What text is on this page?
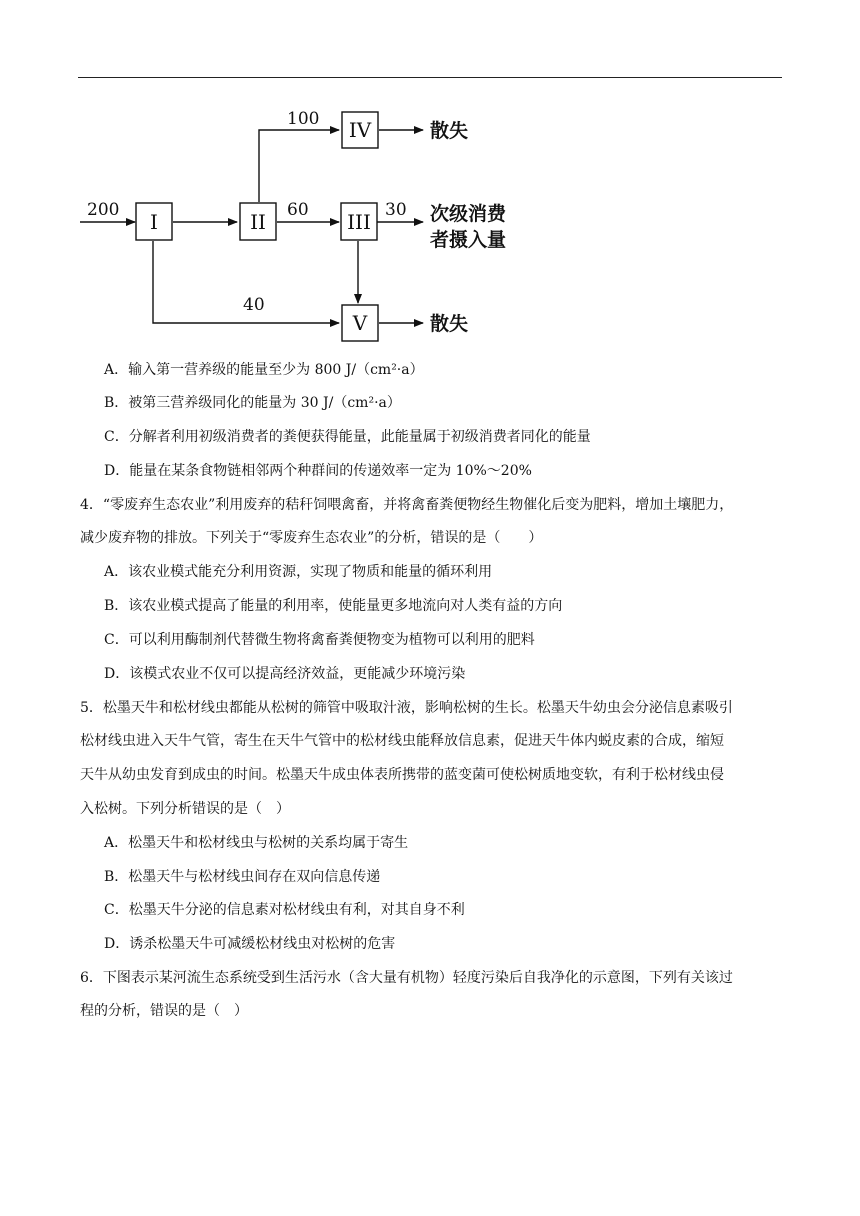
I	II	III
IV
V
200
100
60	30
40
散失
次级消费
者摄入量
散失
A．输入第一营养级的能量至少为 800 J/（cm²·a）
B．被第三营养级同化的能量为 30 J/（cm²·a）
C．分解者利用初级消费者的粪便获得能量，此能量属于初级消费者同化的能量
D．能量在某条食物链相邻两个种群间的传递效率一定为 10%～20%
4．“零废弃生态农业”利用废弃的秸秆饲喂禽畜，并将禽畜粪便物经生物催化后变为肥料，增加土壤肥力，
减少废弃物的排放。下列关于“零废弃生态农业”的分析，错误的是（　　）
A．该农业模式能充分利用资源，实现了物质和能量的循环利用
B．该农业模式提高了能量的利用率，使能量更多地流向对人类有益的方向
C．可以利用酶制剂代替微生物将禽畜粪便物变为植物可以利用的肥料
D．该模式农业不仅可以提高经济效益，更能减少环境污染
5．松墨天牛和松材线虫都能从松树的筛管中吸取汁液，影响松树的生长。松墨天牛幼虫会分泌信息素吸引
松材线虫进入天牛气管，寄生在天牛气管中的松材线虫能释放信息素，促进天牛体内蜕皮素的合成，缩短
天牛从幼虫发育到成虫的时间。松墨天牛成虫体表所携带的蓝变菌可使松树质地变软，有利于松材线虫侵
入松树。下列分析错误的是（　）
A．松墨天牛和松材线虫与松树的关系均属于寄生
B．松墨天牛与松材线虫间存在双向信息传递
C．松墨天牛分泌的信息素对松材线虫有利，对其自身不利
D．诱杀松墨天牛可减缓松材线虫对松树的危害
6．下图表示某河流生态系统受到生活污水（含大量有机物）轻度污染后自我净化的示意图，下列有关该过
程的分析，错误的是（　）
